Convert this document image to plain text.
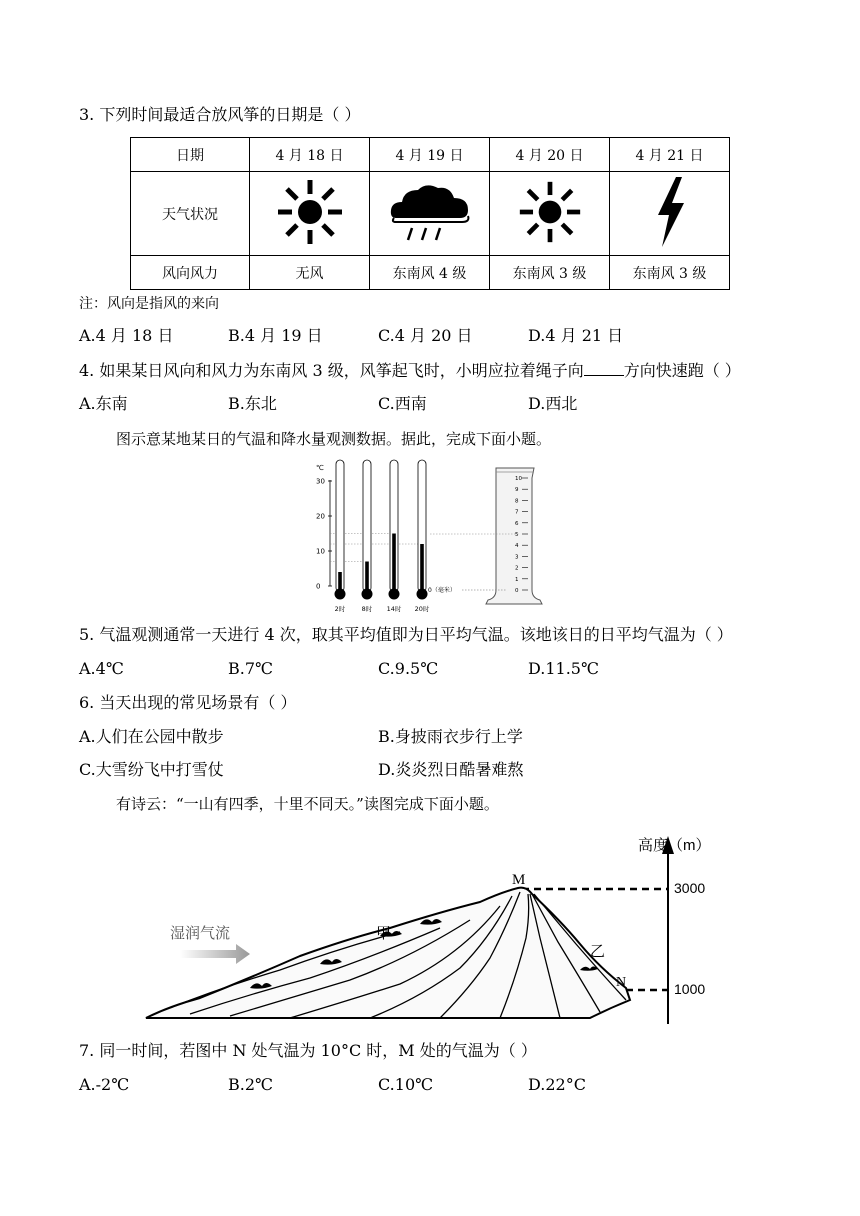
3. 下列时间最适合放风筝的日期是（ ）
日期	4 月 18 日	4 月 19 日	4 月 20 日	4 月 21 日
天气状况				
风向风力	无风	东南风 4 级	东南风 3 级	东南风 3 级
注：风向是指风的来向
A.4 月 18 日	B.4 月 19 日	C.4 月 20 日	D.4 月 21 日
4. 如果某日风向和风力为东南风 3 级，风筝起飞时，小明应拉着绳子向	方向快速跑（ ）
A.东南	B.东北	C.西南	D.西北
图示意某地某日的气温和降水量观测数据。据此，完成下面小题。
℃
30
20
10
0
2时	8时 14时 20时
10
9
8
7
6
5
4
3
2
1
0
0（毫米）
5. 气温观测通常一天进行 4 次，取其平均值即为日平均气温。该地该日的日平均气温为（ ）
A.4℃	B.7℃	C.9.5℃	D.11.5℃
6. 当天出现的常见场景有（ ）
A.人们在公园中散步	B.身披雨衣步行上学
C.大雪纷飞中打雪仗	D.炎炎烈日酷暑难熬
有诗云：“一山有四季，十里不同天。”读图完成下面小题。
高度（m）
3000
1000
M
N
甲
乙
湿润气流
7. 同一时间，若图中 N 处气温为 10°C 时，M 处的气温为（ ）
A.-2℃	B.2℃	C.10℃	D.22°C
